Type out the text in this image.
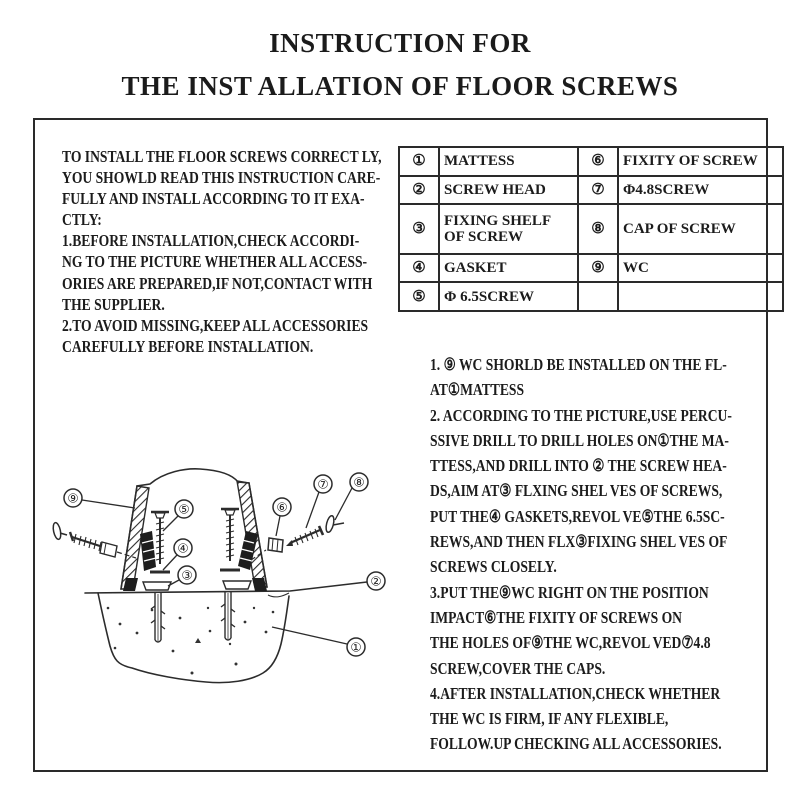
INSTRUCTION FOR
THE INST ALLATION OF FLOOR SCREWS
TO INSTALL THE FLOOR SCREWS CORRECT LY,
YOU SHOWLD READ THIS INSTRUCTION CARE-
FULLY AND INSTALL ACCORDING TO IT EXA-
CTLY:
1.BEFORE INSTALLATION,CHECK ACCORDI-
NG TO THE PICTURE WHETHER ALL ACCESS-
ORIES ARE PREPARED,IF NOT,CONTACT WITH
THE SUPPLIER.
2.TO AVOID MISSING,KEEP ALL ACCESSORIES
CAREFULLY BEFORE INSTALLATION.
①	MATTESS	⑥	FIXITY OF SCREW
②	SCREW HEAD	⑦	Φ4.8SCREW
③	FIXING SHELF OF SCREW	⑧	CAP OF SCREW
④	GASKET	⑨	WC
⑤	Φ 6.5SCREW		
1. ⑨ WC SHORLD BE INSTALLED ON THE FL-
AT①MATTESS
2. ACCORDING TO THE PICTURE,USE PERCU-
SSIVE DRILL TO DRILL HOLES ON①THE MA-
TTESS,AND DRILL INTO ② THE SCREW HEA-
DS,AIM AT③ FLXING SHEL VES OF SCREWS,
PUT THE④ GASKETS,REVOL VE⑤THE 6.5SC-
REWS,AND THEN FLX③FIXING SHEL VES OF
SCREWS CLOSELY.
3.PUT THE⑨WC RIGHT ON THE POSITION
IMPACT⑥THE FIXITY OF SCREWS ON
THE HOLES OF⑨THE WC,REVOL VED⑦4.8
SCREW,COVER THE CAPS.
4.AFTER INSTALLATION,CHECK WHETHER
THE WC IS FIRM, IF ANY FLEXIBLE,
FOLLOW.UP CHECKING ALL ACCESSORIES.
⑨
⑤
④
③
⑥
⑦ ⑧
②
①
